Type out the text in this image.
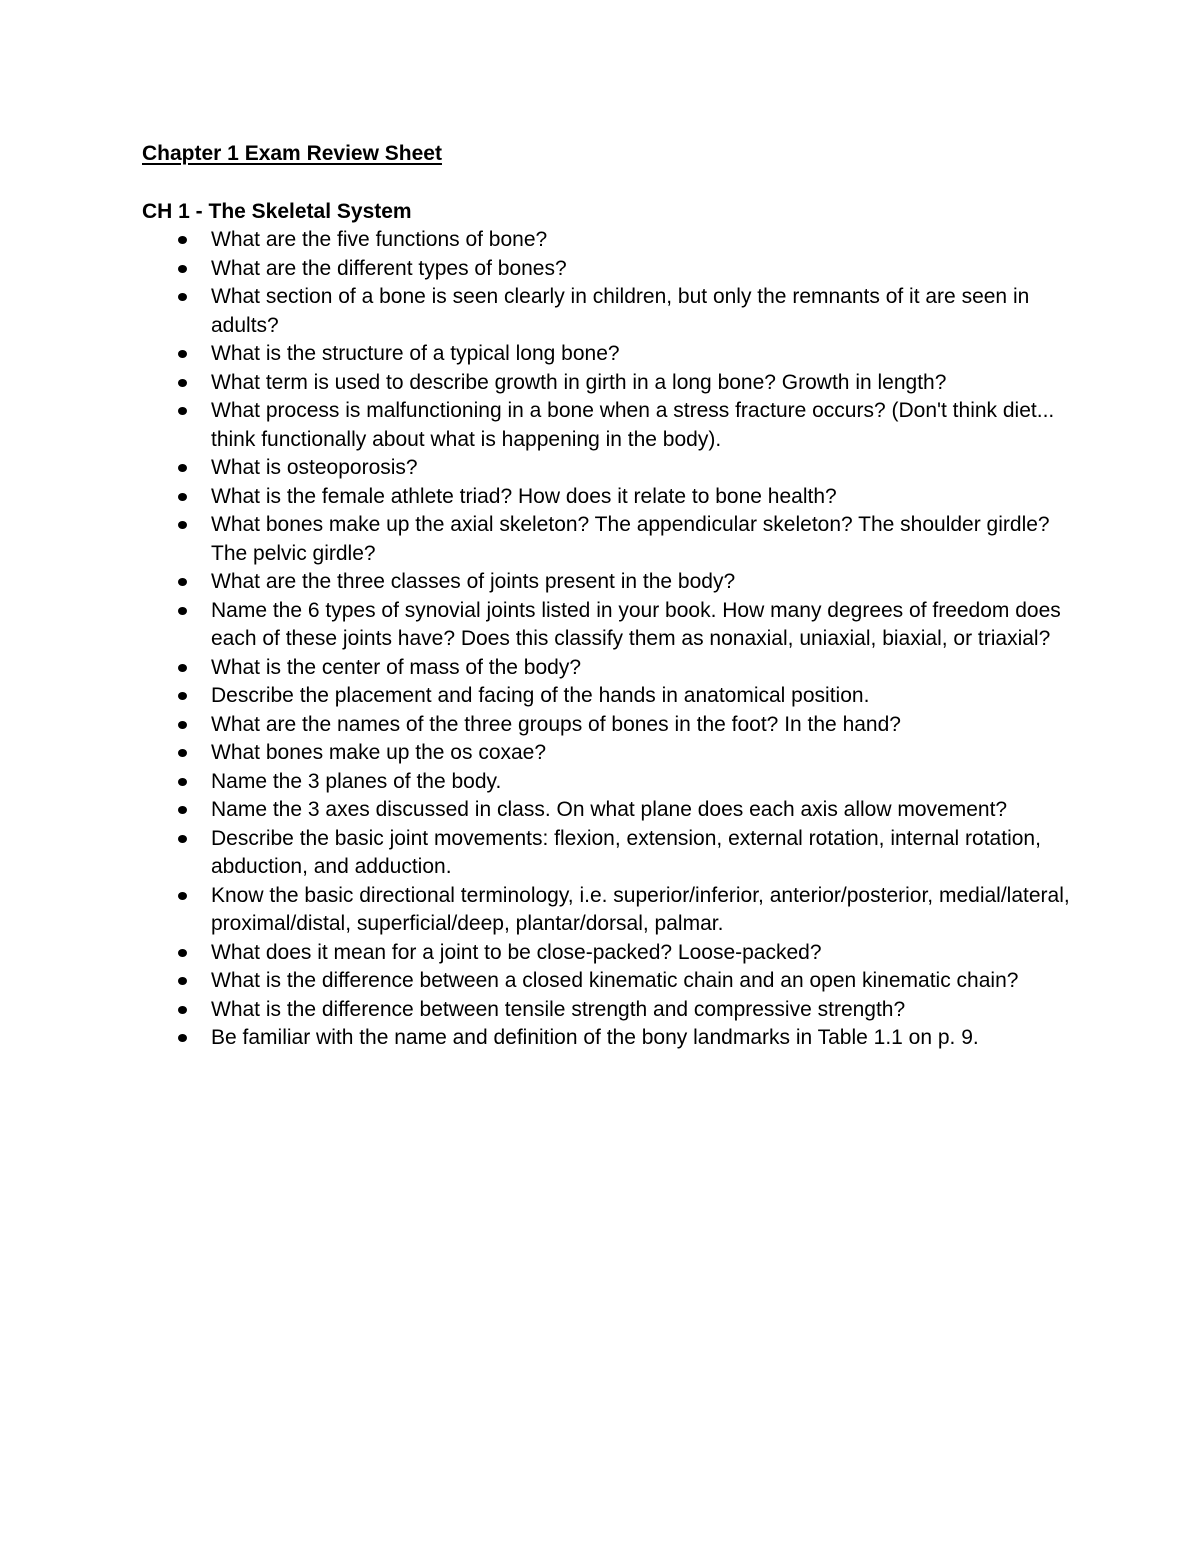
Chapter 1 Exam Review Sheet
CH 1 - The Skeletal System
What are the five functions of bone?
What are the different types of bones?
What section of a bone is seen clearly in children, but only the remnants of it are seen in adults?
What is the structure of a typical long bone?
What term is used to describe growth in girth in a long bone? Growth in length?
What process is malfunctioning in a bone when a stress fracture occurs? (Don't think diet... think functionally about what is happening in the body).
What is osteoporosis?
What is the female athlete triad? How does it relate to bone health?
What bones make up the axial skeleton? The appendicular skeleton? The shoulder girdle? The pelvic girdle?
What are the three classes of joints present in the body?
Name the 6 types of synovial joints listed in your book. How many degrees of freedom does each of these joints have? Does this classify them as nonaxial, uniaxial, biaxial, or triaxial?
What is the center of mass of the body?
Describe the placement and facing of the hands in anatomical position.
What are the names of the three groups of bones in the foot? In the hand?
What bones make up the os coxae?
Name the 3 planes of the body.
Name the 3 axes discussed in class. On what plane does each axis allow movement?
Describe the basic joint movements: flexion, extension, external rotation, internal rotation, abduction, and adduction.
Know the basic directional terminology, i.e. superior/inferior, anterior/posterior, medial/lateral, proximal/distal, superficial/deep, plantar/dorsal, palmar.
What does it mean for a joint to be close-packed? Loose-packed?
What is the difference between a closed kinematic chain and an open kinematic chain?
What is the difference between tensile strength and compressive strength?
Be familiar with the name and definition of the bony landmarks in Table 1.1 on p. 9.
